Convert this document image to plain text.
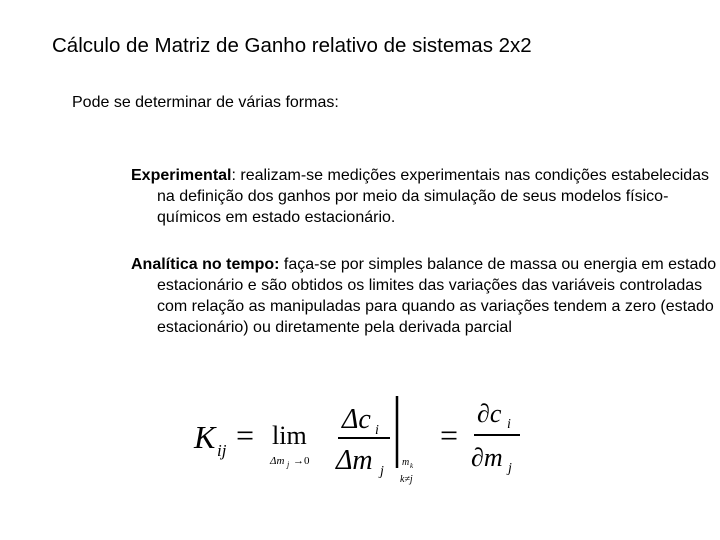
Cálculo de Matriz de Ganho relativo de sistemas 2x2

Pode se determinar de várias formas:

Experimental: realizam-se medições experimentais nas condições estabelecidas na definição dos ganhos por meio da simulação de seus modelos físico-químicos em estado estacionário.

Analítica no tempo: faça-se por simples balance de massa ou energia em estado estacionário e são obtidos os limites das variações das variáveis controladas com relação as manipuladas para quando as variações tendem a zero (estado estacionário) ou diretamente pela derivada parcial

K ij = lim
Δm j →0
Δc i
Δm j
m k
k≠j
=
∂c i
∂m j
